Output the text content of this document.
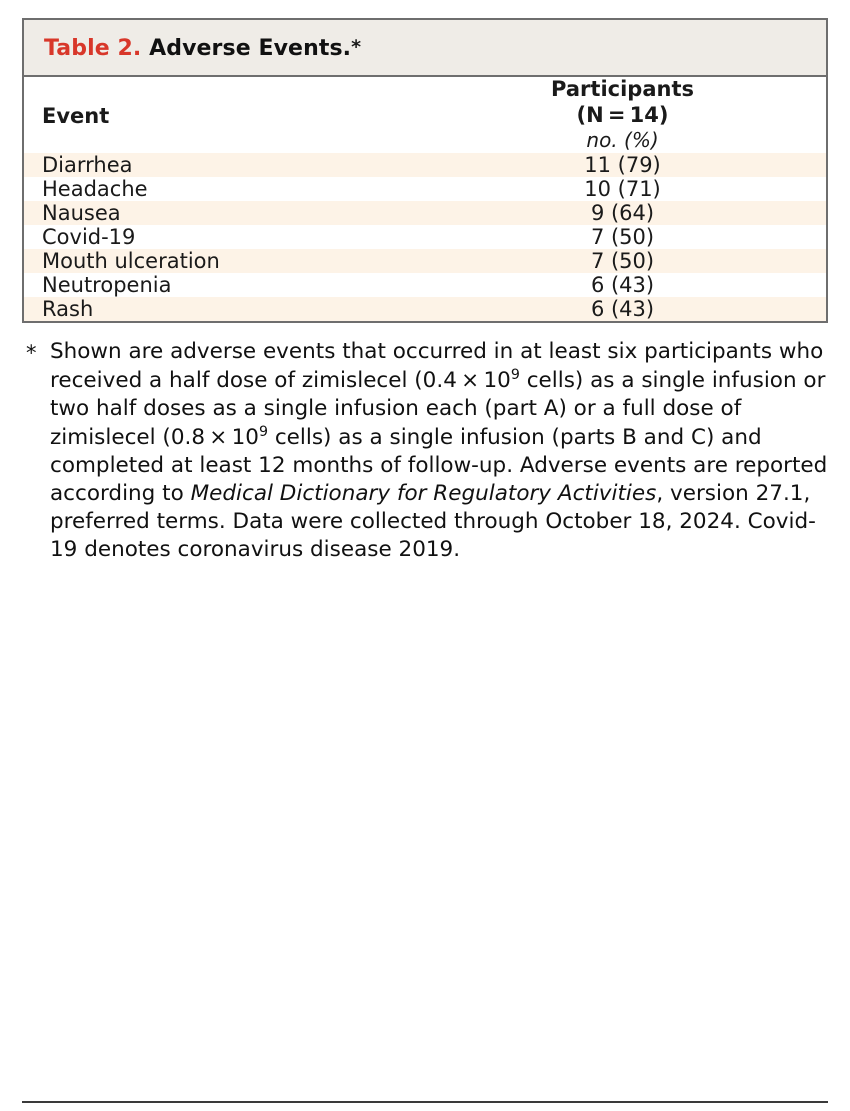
Table 2. Adverse Events.*
Event	Participants
(N = 14)

	no. (%)
Diarrhea	11 (79)
Headache	10 (71)
Nausea	9 (64)
Covid-19	7 (50)
Mouth ulceration	7 (50)
Neutropenia	6 (43)
Rash	6 (43)
* Shown are adverse events that occurred in at least six participants who received a half dose of zimislecel ($0.4 \times 10^9$ cells) as a single infusion or two half doses as a single infusion each (part A) or a full dose of zimislecel ($0.8 \times 10^9$ cells) as a single infusion (parts B and C) and completed at least 12 months of follow-up. Adverse events are reported according to Medical Dictionary for Regulatory Activities, version 27.1, preferred terms. Data were collected through October 18, 2024. Covid-19 denotes coronavirus disease 2019.
